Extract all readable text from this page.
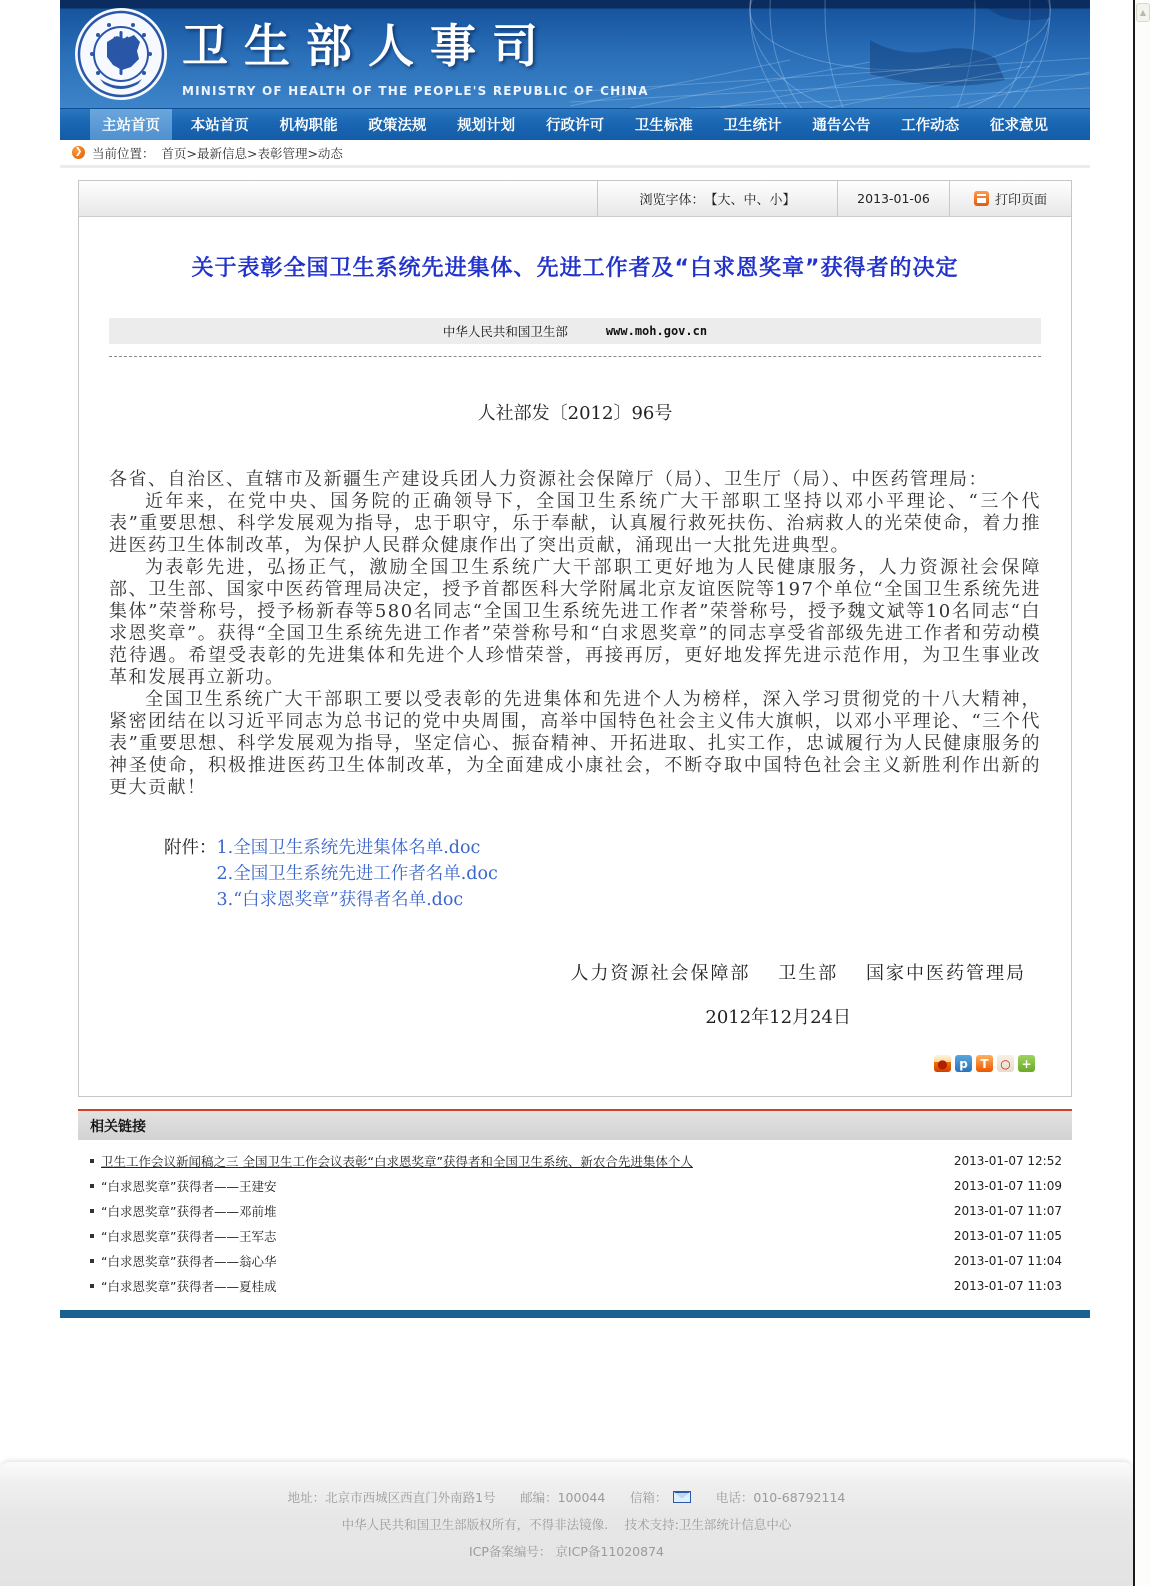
卫生部人事司
MINISTRY OF HEALTH OF THE PEOPLE'S REPUBLIC OF CHINA
主站首页	本站首页	机构职能	政策法规	规划计划	行政许可	卫生标准	卫生统计	通告公告	工作动态	征求意见
❯ 当前位置： 首页>最新信息>表彰管理>动态
浏览字体： 【大、中、小】	2013-01-06	打印页面
关于表彰全国卫生系统先进集体、先进工作者及“白求恩奖章”获得者的决定
中华人民共和国卫生部	www.moh.gov.cn
人社部发〔2012〕96号

各省、自治区、直辖市及新疆生产建设兵团人力资源社会保障厅（局）、卫生厅（局）、中医药管理局：

近年来，在党中央、国务院的正确领导下，全国卫生系统广大干部职工坚持以邓小平理论、“三个代表”重要思想、科学发展观为指导，忠于职守，乐于奉献，认真履行救死扶伤、治病救人的光荣使命，着力推进医药卫生体制改革，为保护人民群众健康作出了突出贡献，涌现出一大批先进典型。

为表彰先进，弘扬正气，激励全国卫生系统广大干部职工更好地为人民健康服务，人力资源社会保障部、卫生部、国家中医药管理局决定，授予首都医科大学附属北京友谊医院等197个单位“全国卫生系统先进集体”荣誉称号，授予杨新春等580名同志“全国卫生系统先进工作者”荣誉称号，授予魏文斌等10名同志“白求恩奖章”。获得“全国卫生系统先进工作者”荣誉称号和“白求恩奖章”的同志享受省部级先进工作者和劳动模范待遇。希望受表彰的先进集体和先进个人珍惜荣誉，再接再厉，更好地发挥先进示范作用，为卫生事业改革和发展再立新功。

全国卫生系统广大干部职工要以受表彰的先进集体和先进个人为榜样，深入学习贯彻党的十八大精神，紧密团结在以习近平同志为总书记的党中央周围，高举中国特色社会主义伟大旗帜，以邓小平理论、“三个代表”重要思想、科学发展观为指导，坚定信心、振奋精神、开拓进取、扎实工作，忠诚履行为人民健康服务的神圣使命，积极推进医药卫生体制改革，为全面建成小康社会，不断夺取中国特色社会主义新胜利作出新的更大贡献！

附件： 1.全国卫生系统先进集体名单.doc
2.全国卫生系统先进工作者名单.doc
3.“白求恩奖章”获得者名单.doc
人力资源社会保障部　 卫生部　 国家中医药管理局
2012年12月24日
● p	T ○ +
相关链接
卫生工作会议新闻稿之三 全国卫生工作会议表彰“白求恩奖章”获得者和全国卫生系统、新农合先进集体个人	2013-01-07 12:52
“白求恩奖章”获得者——王建安	2013-01-07 11:09
“白求恩奖章”获得者——邓前堆	2013-01-07 11:07
“白求恩奖章”获得者——王军志	2013-01-07 11:05
“白求恩奖章”获得者——翁心华	2013-01-07 11:04
“白求恩奖章”获得者——夏桂成	2013-01-07 11:03
地址：北京市西城区西直门外南路1号
　 邮编：100044
　 信箱：
　	电话：010-68792114
中华人民共和国卫生部版权所有，不得非法镜像.　 技术支持:卫生部统计信息中心
ICP备案编号： 京ICP备11020874
▲
